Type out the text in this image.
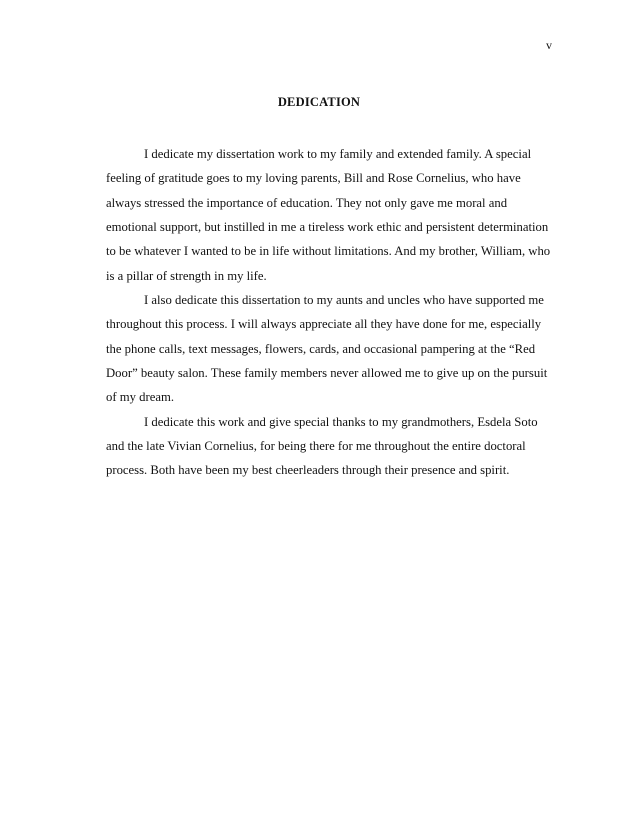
v
DEDICATION
I dedicate my dissertation work to my family and extended family. A special
feeling of gratitude goes to my loving parents, Bill and Rose Cornelius, who have
always stressed the importance of education. They not only gave me moral and
emotional support, but instilled in me a tireless work ethic and persistent determination
to be whatever I wanted to be in life without limitations. And my brother, William, who
is a pillar of strength in my life.
I also dedicate this dissertation to my aunts and uncles who have supported me
throughout this process. I will always appreciate all they have done for me, especially
the phone calls, text messages, flowers, cards, and occasional pampering at the “Red
Door” beauty salon. These family members never allowed me to give up on the pursuit
of my dream.
I dedicate this work and give special thanks to my grandmothers, Esdela Soto
and the late Vivian Cornelius, for being there for me throughout the entire doctoral
process. Both have been my best cheerleaders through their presence and spirit.
